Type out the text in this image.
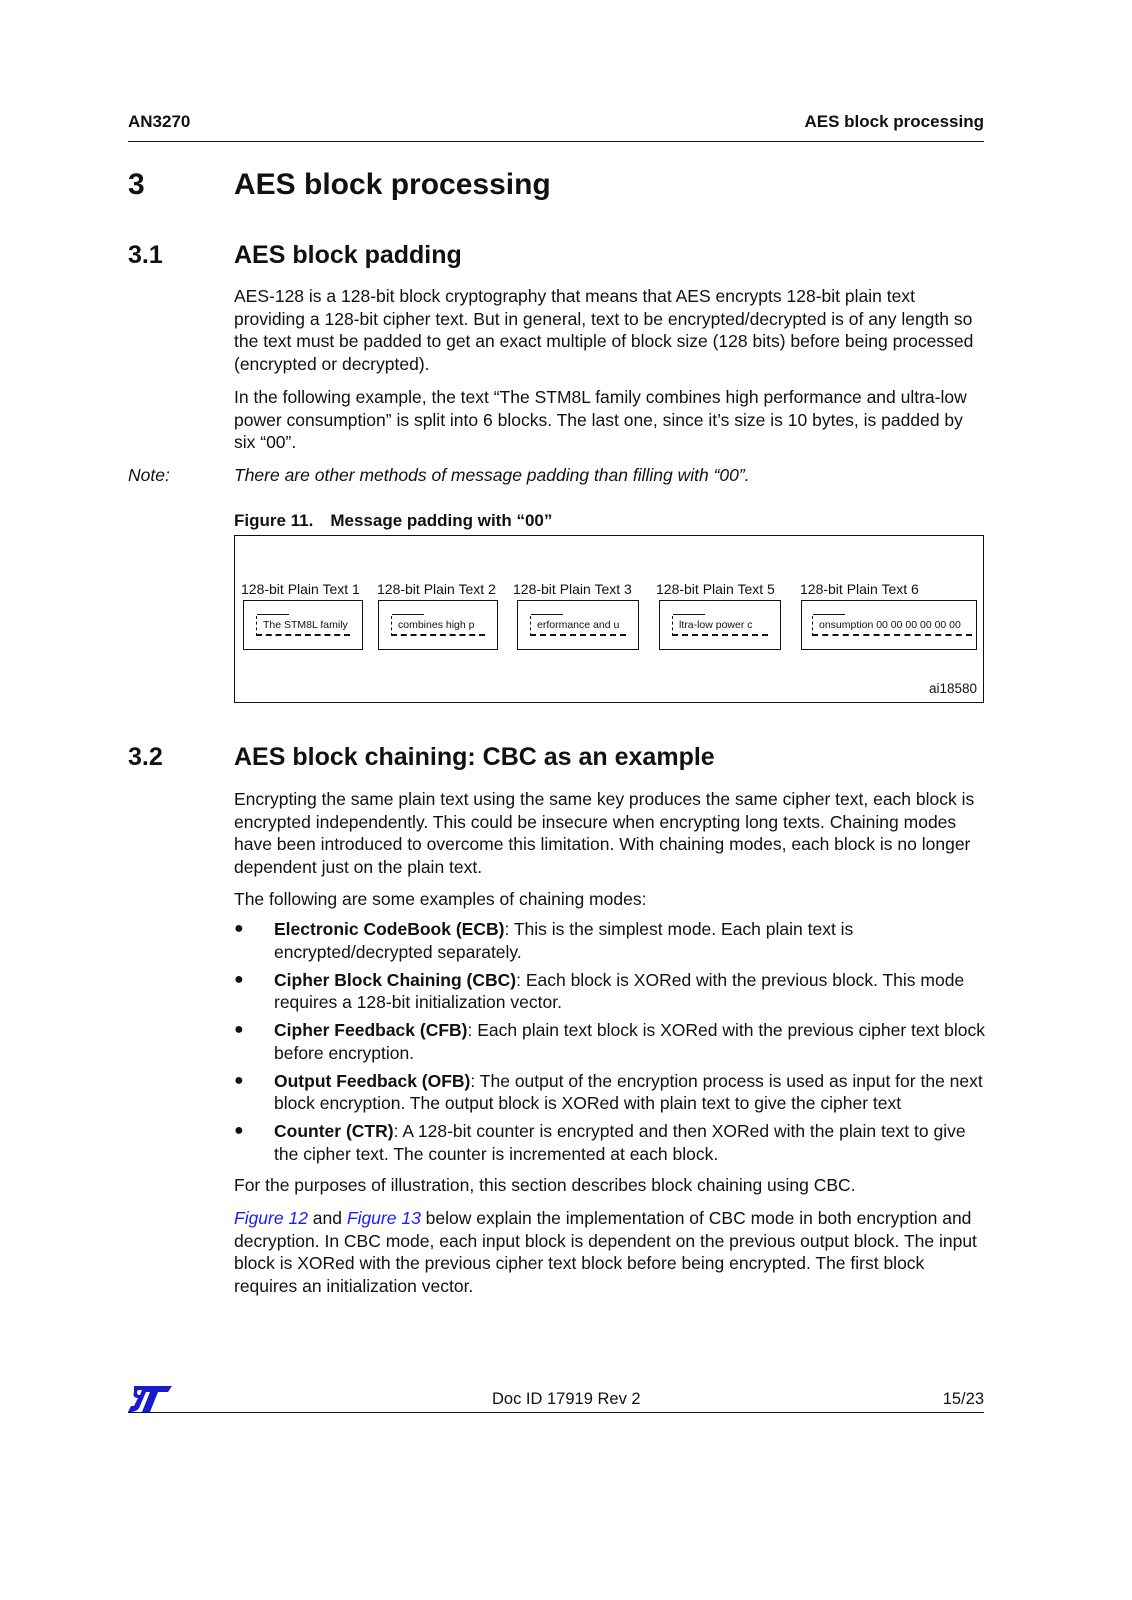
AN3270	AES block processing
3	AES block processing
3.1	AES block padding

AES-128 is a 128-bit block cryptography that means that AES encrypts 128-bit plain text providing a 128-bit cipher text. But in general, text to be encrypted/decrypted is of any length so the text must be padded to get an exact multiple of block size (128 bits) before being processed (encrypted or decrypted).

In the following example, the text “The STM8L family combines high performance and ultra-low power consumption” is split into 6 blocks. The last one, since it’s size is 10 bytes, is padded by six “00”.

Note:	There are other methods of message padding than filling with “00”.
Figure 11. Message padding with “00”
128-bit Plain Text 1
The STM8L family
128-bit Plain Text 2
combines high p
128-bit Plain Text 3
erformance and u
128-bit Plain Text 5
ltra-low power c
128-bit Plain Text 6
onsumption 00 00 00 00 00 00
ai18580
3.2	AES block chaining: CBC as an example

Encrypting the same plain text using the same key produces the same cipher text, each block is encrypted independently. This could be insecure when encrypting long texts. Chaining modes have been introduced to overcome this limitation. With chaining modes, each block is no longer dependent just on the plain text.

The following are some examples of chaining modes:

● Electronic CodeBook (ECB): This is the simplest mode. Each plain text is encrypted/decrypted separately.
● Cipher Block Chaining (CBC): Each block is XORed with the previous block. This mode requires a 128-bit initialization vector.
● Cipher Feedback (CFB): Each plain text block is XORed with the previous cipher text block before encryption.
● Output Feedback (OFB): The output of the encryption process is used as input for the next block encryption. The output block is XORed with plain text to give the cipher text
● Counter (CTR): A 128-bit counter is encrypted and then XORed with the plain text to give the cipher text. The counter is incremented at each block.

For the purposes of illustration, this section describes block chaining using CBC.

Figure 12 and Figure 13 below explain the implementation of CBC mode in both encryption and decryption. In CBC mode, each input block is dependent on the previous output block. The input block is XORed with the previous cipher text block before being encrypted. The first block requires an initialization vector.

Doc ID 17919 Rev 2	15/23
